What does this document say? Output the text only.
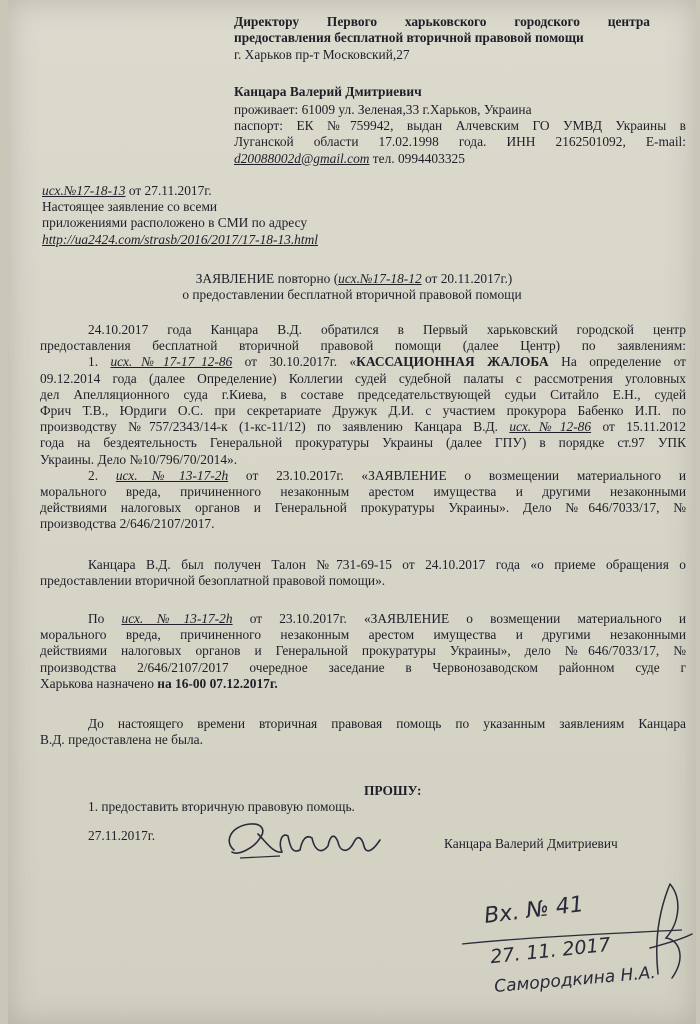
Директору Первого харьковского городского центра
предоставления бесплатной вторичной правовой помощи
г. Харьков пр-т Московский,27
Канцара Валерий Дмитриевич
проживает: 61009 ул. Зеленая,33 г.Харьков, Украина
паспорт: ЕК №759942, выдан Алчевским ГО УМВД Украины в
Луганской области 17.02.1998 года. ИНН 2162501092, E-mail:
d20088002d@gmail.com тел. 0994403325
исх.№17-18-13 от 27.11.2017г.
Настоящее заявление со всеми
приложениями расположено в СМИ по адресу
http://ua2424.com/strasb/2016/2017/17-18-13.html
ЗАЯВЛЕНИЕ повторно (исх.№17-18-12 от 20.11.2017г.)
о предоставлении бесплатной вторичной правовой помощи
24.10.2017 года Канцара В.Д. обратился в Первый харьковский городской центр
предоставления бесплатной вторичной правовой помощи (далее Центр) по заявлениям:
1. исх.№17-17_12-86 от 30.10.2017г. «КАССАЦИОННАЯ ЖАЛОБА На определение от
09.12.2014 года (далее Определение) Коллегии судей судебной палаты с рассмотрения уголовных
дел Апелляционного суда г.Киева, в составе председательствующей судьи Ситайло Е.Н., судей
Фрич Т.В., Юрдиги О.С. при секретариате Дружук Д.И. с участием прокурора Бабенко И.П. по
производству №757/2343/14-к (1-кс-11/12) по заявлению Канцара В.Д. исх.№12-86 от 15.11.2012
года на бездеятельность Генеральной прокуратуры Украины (далее ГПУ) в порядке ст.97 УПК
Украины. Дело №10/796/70/2014».
2. исх.№13-17-2h от 23.10.2017г. «ЗАЯВЛЕНИЕ о возмещении материального и
морального вреда, причиненного незаконным арестом имущества и другими незаконными
действиями налоговых органов и Генеральной прокуратуры Украины». Дело №646/7033/17, №
производства 2/646/2107/2017.
Канцара В.Д. был получен Талон №731-69-15 от 24.10.2017 года «о приеме обращения о
предоставлении вторичной безоплатной правовой помощи».
По исх.№13-17-2h от 23.10.2017г. «ЗАЯВЛЕНИЕ о возмещении материального и
морального вреда, причиненного незаконным арестом имущества и другими незаконными
действиями налоговых органов и Генеральной прокуратуры Украины», дело №646/7033/17, №
производства 2/646/2107/2017 очередное заседание в Червонозаводском районном суде г
Харькова назначено на 16-00 07.12.2017г.
До настоящего времени вторичная правовая помощь по указанным заявлениям Канцара
В.Д. предоставлена не была.
ПРОШУ:
1. предоставить вторичную правовую помощь.
27.11.2017г.
Канцара Валерий Дмитриевич
Вх. № 41
27. 11. 2017
Самородкина Н.А.
